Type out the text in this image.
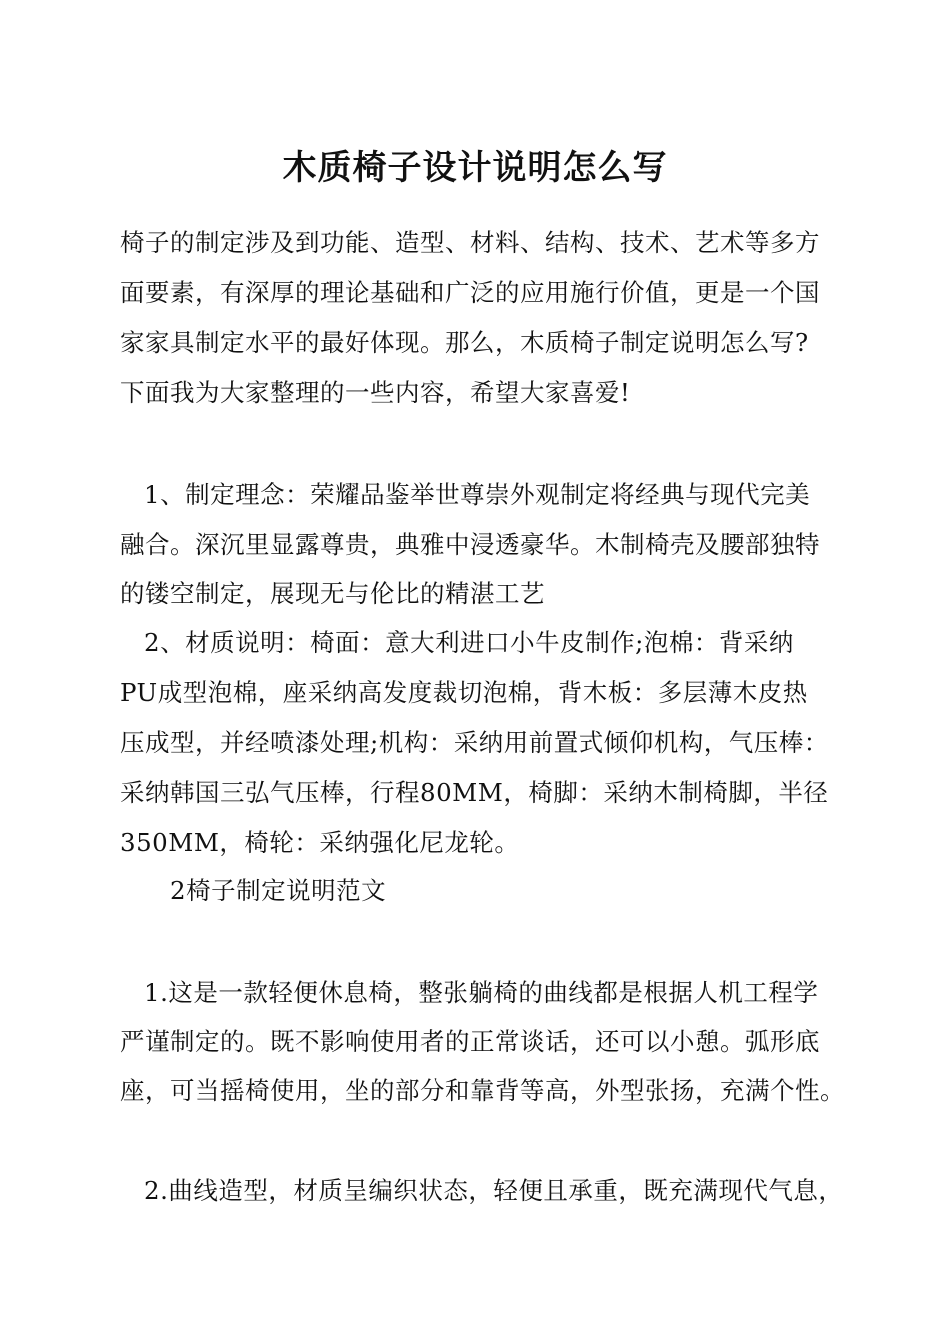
木质椅子设计说明怎么写
椅子的制定涉及到功能、造型、材料、结构、技术、艺术等多方
面要素，有深厚的理论基础和广泛的应用施行价值，更是一个国
家家具制定水平的最好体现。那么，木质椅子制定说明怎么写?
下面我为大家整理的一些内容，希望大家喜爱!
1、制定理念：荣耀品鉴举世尊崇外观制定将经典与现代完美
融合。深沉里显露尊贵，典雅中浸透豪华。木制椅壳及腰部独特
的镂空制定，展现无与伦比的精湛工艺
2、材质说明：椅面：意大利进口小牛皮制作;泡棉：背采纳
PU成型泡棉，座采纳高发度裁切泡棉，背木板：多层薄木皮热
压成型，并经喷漆处理;机构：采纳用前置式倾仰机构，气压棒：
采纳韩国三弘气压棒，行程80MM，椅脚：采纳木制椅脚，半径
350MM，椅轮：采纳强化尼龙轮。
2椅子制定说明范文
1.这是一款轻便休息椅，整张躺椅的曲线都是根据人机工程学
严谨制定的。既不影响使用者的正常谈话，还可以小憩。弧形底
座，可当摇椅使用，坐的部分和靠背等高，外型张扬，充满个性。
2.曲线造型，材质呈编织状态，轻便且承重，既充满现代气息，
